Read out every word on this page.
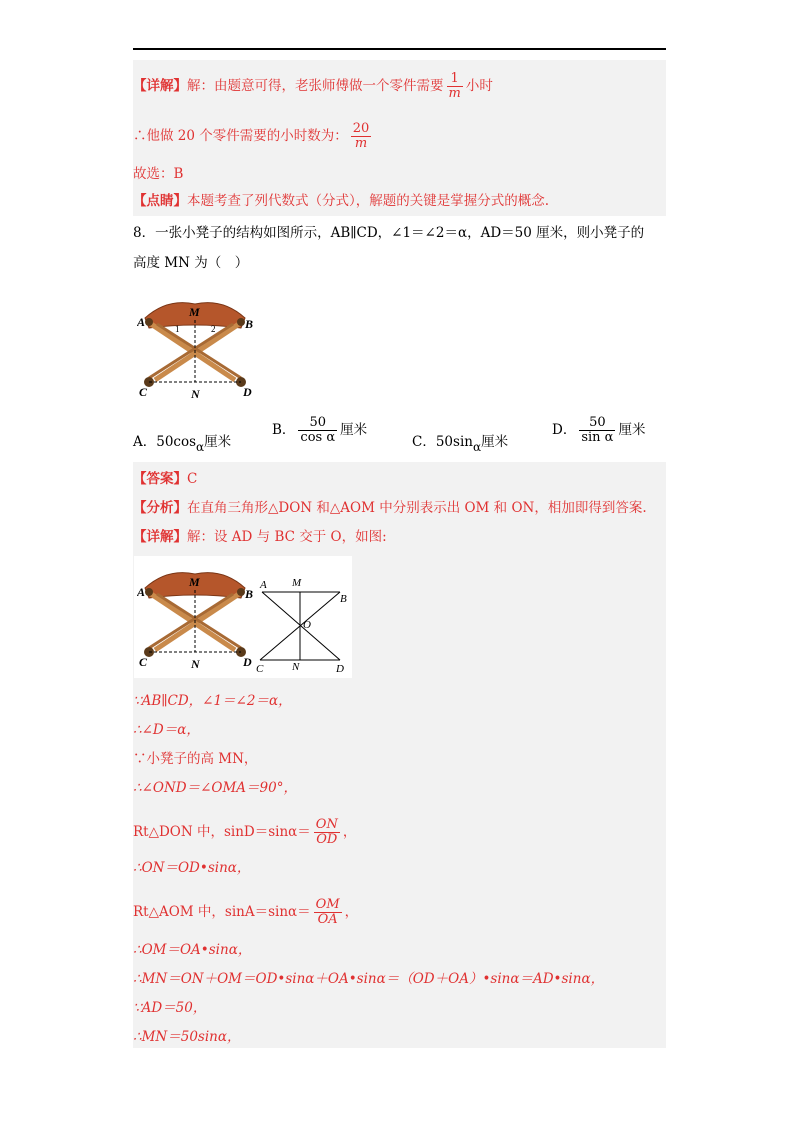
【详解】解：由题意可得，老张师傅做一个零件需要 $\frac{1}{m}$ 小时
∴他做 20 个零件需要的小时数为： $\frac{20}{m}$
故选：B
【点睛】本题考查了列代数式（分式），解题的关键是掌握分式的概念.
8．一张小凳子的结构如图所示，AB∥CD，∠1＝∠2＝α，AD＝50 厘米，则小凳子的
高度 MN 为（　）
A	B
M
1	2
C	N	D
A．50cosα厘米
B． $\frac{50}{\text{cos α}}$ 厘米
C．50sinα厘米
D． $\frac{50}{\text{sin α}}$ 厘米
【答案】C
【分析】在直角三角形△DON 和△AOM 中分别表示出 OM 和 ON，相加即得到答案.
【详解】解：设 AD 与 BC 交于 O，如图:
A	B
M
C	N	D
A M
B
O
C	N	D
∵AB∥CD，∠1＝∠2＝α，
∴∠D＝α，
∵小凳子的高 MN，
∴∠OND＝∠OMA＝90°，
Rt△DON 中，$\sin D=\sin\alpha= \frac{ON}{OD}$ ，
∴ON＝OD•sinα，
Rt△AOM 中，$\sin A=\sin\alpha= \frac{OM}{OA}$ ，
∴OM＝OA•sinα，
∴MN＝ON＋OM＝OD•sinα＋OA•sinα＝（OD＋OA）•sinα＝AD•sinα，
∵AD＝50，
∴MN＝50sinα，
